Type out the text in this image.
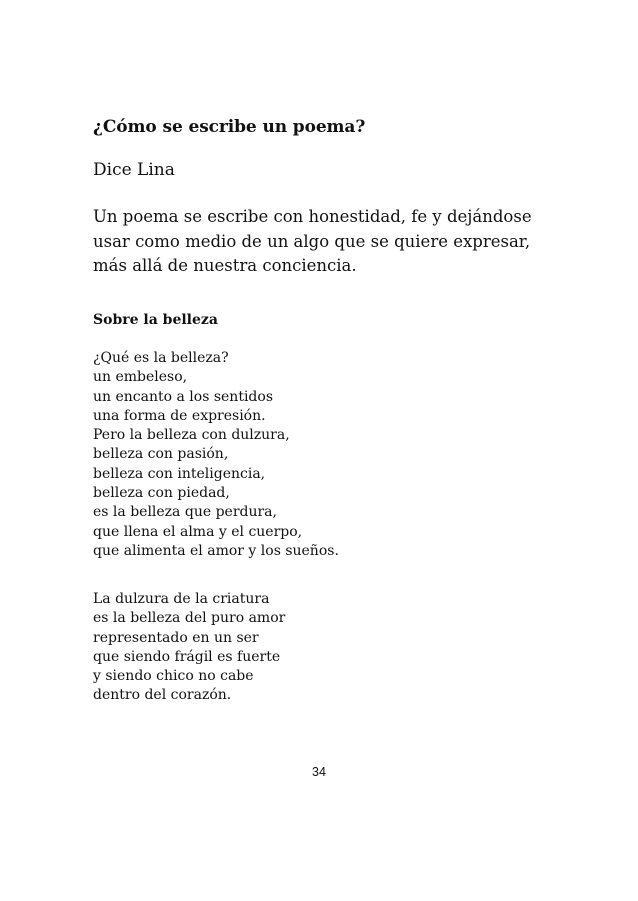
¿Cómo se escribe un poema?
Dice Lina
Un poema se escribe con honestidad, fe y dejándose
usar como medio de un algo que se quiere expresar,
más allá de nuestra conciencia.
Sobre la belleza
¿Qué es la belleza?
un embeleso,
un encanto a los sentidos
una forma de expresión.
Pero la belleza con dulzura,
belleza con pasión,
belleza con inteligencia,
belleza con piedad,
es la belleza que perdura,
que llena el alma y el cuerpo,
que alimenta el amor y los sueños.
La dulzura de la criatura
es la belleza del puro amor
representado en un ser
que siendo frágil es fuerte
y siendo chico no cabe
dentro del corazón.
34
